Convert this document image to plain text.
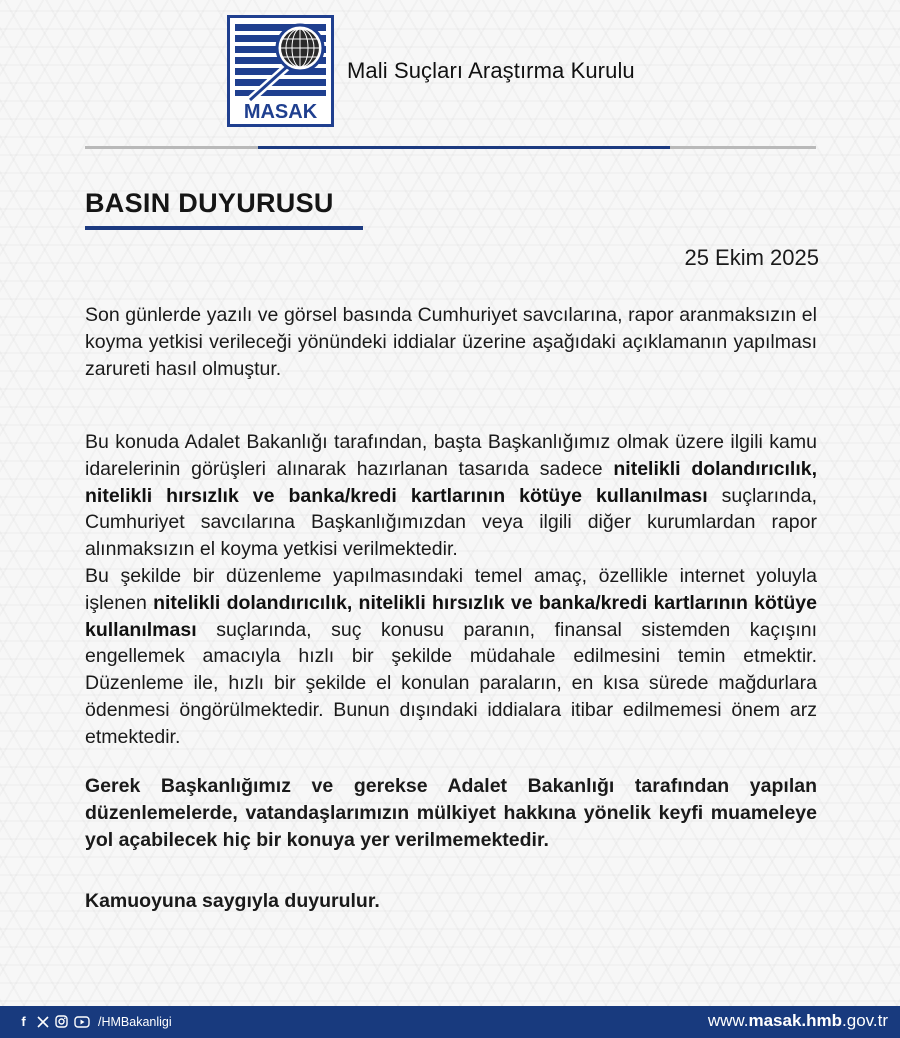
MASAK
Mali Suçları Araştırma Kurulu
BASIN DUYURUSU
25 Ekim 2025
Son günlerde yazılı ve görsel basında Cumhuriyet savcılarına, rapor aranmaksızın el koyma yetkisi verileceği yönündeki iddialar üzerine aşağıdaki açıklamanın yapılması zarureti hasıl olmuştur.
Bu konuda Adalet Bakanlığı tarafından, başta Başkanlığımız olmak üzere ilgili kamu idarelerinin görüşleri alınarak hazırlanan tasarıda sadece nitelikli dolandırıcılık, nitelikli hırsızlık ve banka/kredi kartlarının kötüye kullanılması suçlarında, Cumhuriyet savcılarına Başkanlığımızdan veya ilgili diğer kurumlardan rapor alınmaksızın el koyma yetkisi verilmektedir.
Bu şekilde bir düzenleme yapılmasındaki temel amaç, özellikle internet yoluyla işlenen nitelikli dolandırıcılık, nitelikli hırsızlık ve banka/kredi kartlarının kötüye kullanılması suçlarında, suç konusu paranın, finansal sistemden kaçışını engellemek amacıyla hızlı bir şekilde müdahale edilmesini temin etmektir. Düzenleme ile, hızlı bir şekilde el konulan paraların, en kısa sürede mağdurlara ödenmesi öngörülmektedir. Bunun dışındaki iddialara itibar edilmemesi önem arz etmektedir.
Gerek Başkanlığımız ve gerekse Adalet Bakanlığı tarafından yapılan düzenlemelerde, vatandaşlarımızın mülkiyet hakkına yönelik keyfi muameleye yol açabilecek hiç bir konuya yer verilmemektedir.
Kamuoyuna saygıyla duyurulur.
f	/HMBakanligi	www.masak.hmb.gov.tr
